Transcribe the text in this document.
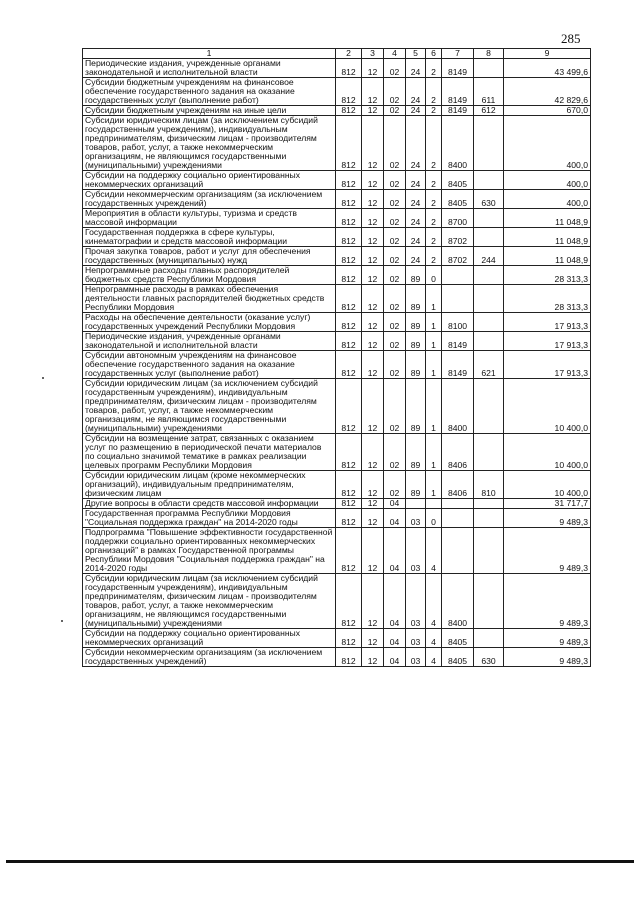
285
1	2	3	4	5	6	7	8	9
Периодические издания, учрежденные органами законодательной и исполнительной власти	812	12	02	24	2	8149		43 499,6
Субсидии бюджетным учреждениям на финансовое обеспечение государственного задания на оказание государственных услуг (выполнение работ)	812	12	02	24	2	8149	611	42 829,6
Субсидии бюджетным учреждениям на иные цели	812	12	02	24	2	8149	612	670,0
Субсидии юридическим лицам (за исключением субсидий государственным учреждениям), индивидуальным предпринимателям, физическим лицам - производителям товаров, работ, услуг, а также некоммерческим организациям, не являющимся государственными (муниципальными) учреждениями	812	12	02	24	2	8400		400,0
Субсидии на поддержку социально ориентированных некоммерческих организаций	812	12	02	24	2	8405		400,0
Субсидии некоммерческим организациям (за исключением государственных учреждений)	812	12	02	24	2	8405	630	400,0
Мероприятия в области культуры, туризма и средств массовой информации	812	12	02	24	2	8700		11 048,9
Государственная поддержка в сфере культуры, кинематографии и средств массовой информации	812	12	02	24	2	8702		11 048,9
Прочая закупка товаров, работ и услуг для обеспечения государственных (муниципальных) нужд	812	12	02	24	2	8702	244	11 048,9
Непрограммные расходы главных распорядителей бюджетных средств Республики Мордовия	812	12	02	89	0			28 313,3
Непрограммные расходы в рамках обеспечения деятельности главных распорядителей бюджетных средств Республики Мордовия	812	12	02	89	1			28 313,3
Расходы на обеспечение деятельности (оказание услуг) государственных учреждений Республики Мордовия	812	12	02	89	1	8100		17 913,3
Периодические издания, учрежденные органами законодательной и исполнительной власти	812	12	02	89	1	8149		17 913,3
Субсидии автономным учреждениям на финансовое обеспечение государственного задания на оказание государственных услуг (выполнение работ)	812	12	02	89	1	8149	621	17 913,3
Субсидии юридическим лицам (за исключением субсидий государственным учреждениям), индивидуальным предпринимателям, физическим лицам - производителям товаров, работ, услуг, а также некоммерческим организациям, не являющимся государственными (муниципальными) учреждениями	812	12	02	89	1	8400		10 400,0
Субсидии на возмещение затрат, связанных с оказанием услуг по размещению в периодической печати материалов по социально значимой тематике в рамках реализации целевых программ Республики Мордовия	812	12	02	89	1	8406		10 400,0
Субсидии юридическим лицам (кроме некоммерческих организаций), индивидуальным предпринимателям, физическим лицам	812	12	02	89	1	8406	810	10 400,0
Другие вопросы в области средств массовой информации	812	12	04					31 717,7
Государственная программа Республики Мордовия "Социальная поддержка граждан" на 2014-2020 годы	812	12	04	03	0			9 489,3
Подпрограмма "Повышение эффективности государственной поддержки социально ориентированных некоммерческих организаций" в рамках Государственной программы Республики Мордовия "Социальная поддержка граждан" на 2014-2020 годы	812	12	04	03	4			9 489,3
Субсидии юридическим лицам (за исключением субсидий государственным учреждениям), индивидуальным предпринимателям, физическим лицам - производителям товаров, работ, услуг, а также некоммерческим организациям, не являющимся государственными (муниципальными) учреждениями	812	12	04	03	4	8400		9 489,3
Субсидии на поддержку социально ориентированных некоммерческих организаций	812	12	04	03	4	8405		9 489,3
Субсидии некоммерческим организациям (за исключением государственных учреждений)	812	12	04	03	4	8405	630	9 489,3
